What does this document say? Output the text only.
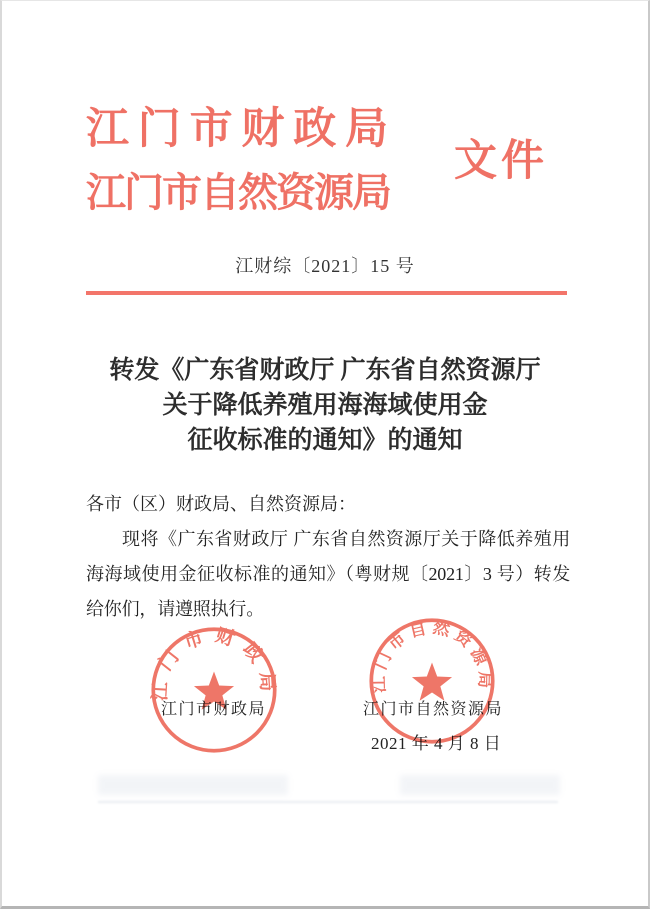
江门市财政局
江门市自然资源局
文件
江财综〔2021〕15 号
转发《广东省财政厅 广东省自然资源厅
关于降低养殖用海海域使用金
征收标准的通知》的通知
各市（区）财政局、自然资源局：

现将《广东省财政厅 广东省自然资源厅关于降低养殖用海海域使用金征收标准的通知》（粤财规〔2021〕3 号）转发给你们，请遵照执行。

江门市财政局	江门市自然资源局
2021 年 4 月 8 日
江门市财政局	江门市自然资源局
